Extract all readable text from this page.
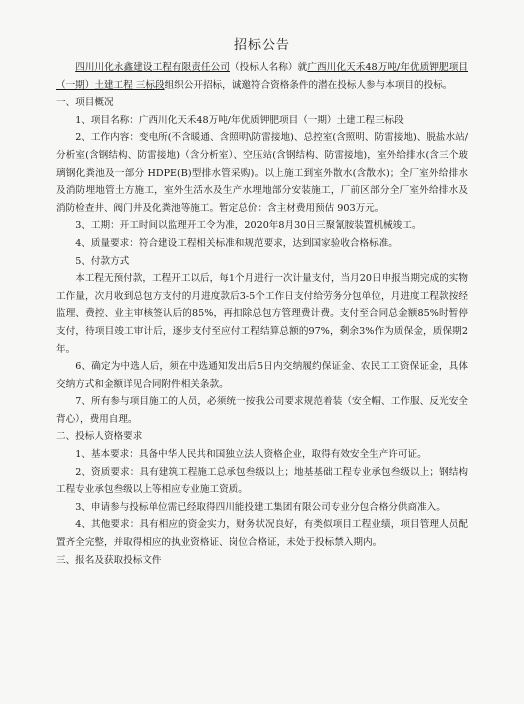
招标公告

四川川化永鑫建设工程有限责任公司（投标人名称）就广西川化天禾48万吨/年优质钾肥项目（一期）土建工程 三标段组织公开招标，诚邀符合资格条件的潜在投标人参与本项目的投标。

一、项目概况

1、项目名称：广西川化天禾48万吨/年优质钾肥项目（一期）土建工程三标段

2、工作内容：变电所(不含暖通、含照明\防雷接地)、总控室(含照明、防雷接地)、脱盐水站/分析室(含钢结构、防雷接地)（含分析室）、空压站(含钢结构、防雷接地)，室外给排水(含三个玻璃钢化粪池及一部分 HDPE(B)型排水管采购)。以上施工到室外散水(含散水)；全厂室外给排水及消防埋地管土方施工，室外生活水及生产水埋地部分安装施工，厂前区部分全厂室外给排水及消防检查井、阀门井及化粪池等施工。暂定总价：含主材费用预估 903万元。

3、工期：开工时间以监理开工令为准，2020年8月30日三聚氰胺装置机械竣工。

4、质量要求：符合建设工程相关标准和规范要求，达到国家验收合格标准。

5、付款方式

本工程无预付款，工程开工以后，每1个月进行一次计量支付，当月20日申报当期完成的实物工作量，次月收到总包方支付的月进度款后3-5个工作日支付给劳务分包单位，月进度工程款按经监理、费控、业主审核签认后的85%，再扣除总包方管理费计费。支付至合同总金额85%时暂停支付，待项目竣工审计后，逐步支付至应付工程结算总额的97%，剩余3%作为质保金，质保期2年。

6、确定为中选人后，须在中选通知发出后5日内交纳履约保证金、农民工工资保证金，具体交纳方式和金额详见合同附件相关条款。

7、所有参与项目施工的人员，必须统一按我公司要求规范着装（安全帽、工作服、反光安全背心），费用自理。

二、投标人资格要求

1、基本要求：具备中华人民共和国独立法人资格企业，取得有效安全生产许可证。

2、资质要求：具有建筑工程施工总承包叁级以上；地基基础工程专业承包叁级以上；钢结构工程专业承包叁级以上等相应专业施工资质。

3、申请参与投标单位需已经取得四川能投建工集团有限公司专业分包合格分供商准入。

4、其他要求：具有相应的资金实力，财务状况良好，有类似项目工程业绩，项目管理人员配置齐全完整，并取得相应的执业资格证、岗位合格证，未处于投标禁入期内。

三、报名及获取投标文件
